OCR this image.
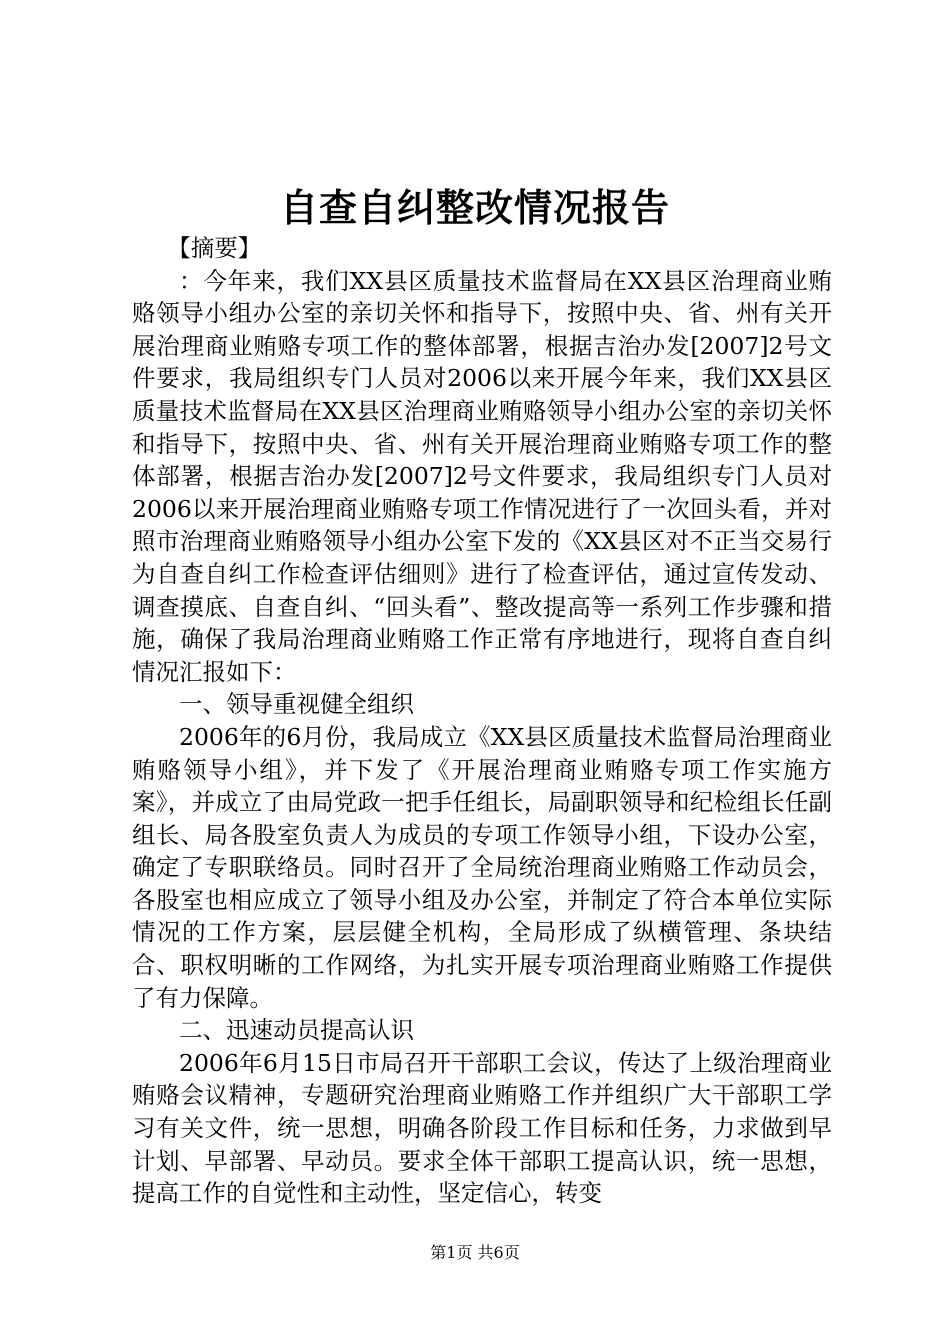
自查自纠整改情况报告

【摘要】

：今年来，我们XX县区质量技术监督局在XX县区治理商业贿赂领导小组办公室的亲切关怀和指导下，按照中央、省、州有关开展治理商业贿赂专项工作的整体部署，根据吉治办发[2007]2号文件要求，我局组织专门人员对2006以来开展今年来，我们XX县区质量技术监督局在XX县区治理商业贿赂领导小组办公室的亲切关怀和指导下，按照中央、省、州有关开展治理商业贿赂专项工作的整体部署，根据吉治办发[2007]2号文件要求，我局组织专门人员对2006以来开展治理商业贿赂专项工作情况进行了一次回头看，并对照市治理商业贿赂领导小组办公室下发的《XX县区对不正当交易行为自查自纠工作检查评估细则》进行了检查评估，通过宣传发动、调查摸底、自查自纠、“回头看”、整改提高等一系列工作步骤和措施，确保了我局治理商业贿赂工作正常有序地进行，现将自查自纠情况汇报如下：

一、领导重视健全组织

2006年的6月份，我局成立《XX县区质量技术监督局治理商业贿赂领导小组》，并下发了《开展治理商业贿赂专项工作实施方案》，并成立了由局党政一把手任组长，局副职领导和纪检组长任副组长、局各股室负责人为成员的专项工作领导小组，下设办公室，确定了专职联络员。同时召开了全局统治理商业贿赂工作动员会，各股室也相应成立了领导小组及办公室，并制定了符合本单位实际情况的工作方案，层层健全机构，全局形成了纵横管理、条块结合、职权明晰的工作网络，为扎实开展专项治理商业贿赂工作提供了有力保障。

二、迅速动员提高认识

2006年6月15日市局召开干部职工会议，传达了上级治理商业贿赂会议精神，专题研究治理商业贿赂工作并组织广大干部职工学习有关文件，统一思想，明确各阶段工作目标和任务，力求做到早计划、早部署、早动员。要求全体干部职工提高认识，统一思想，提高工作的自觉性和主动性，坚定信心，转变

第1页 共6页
